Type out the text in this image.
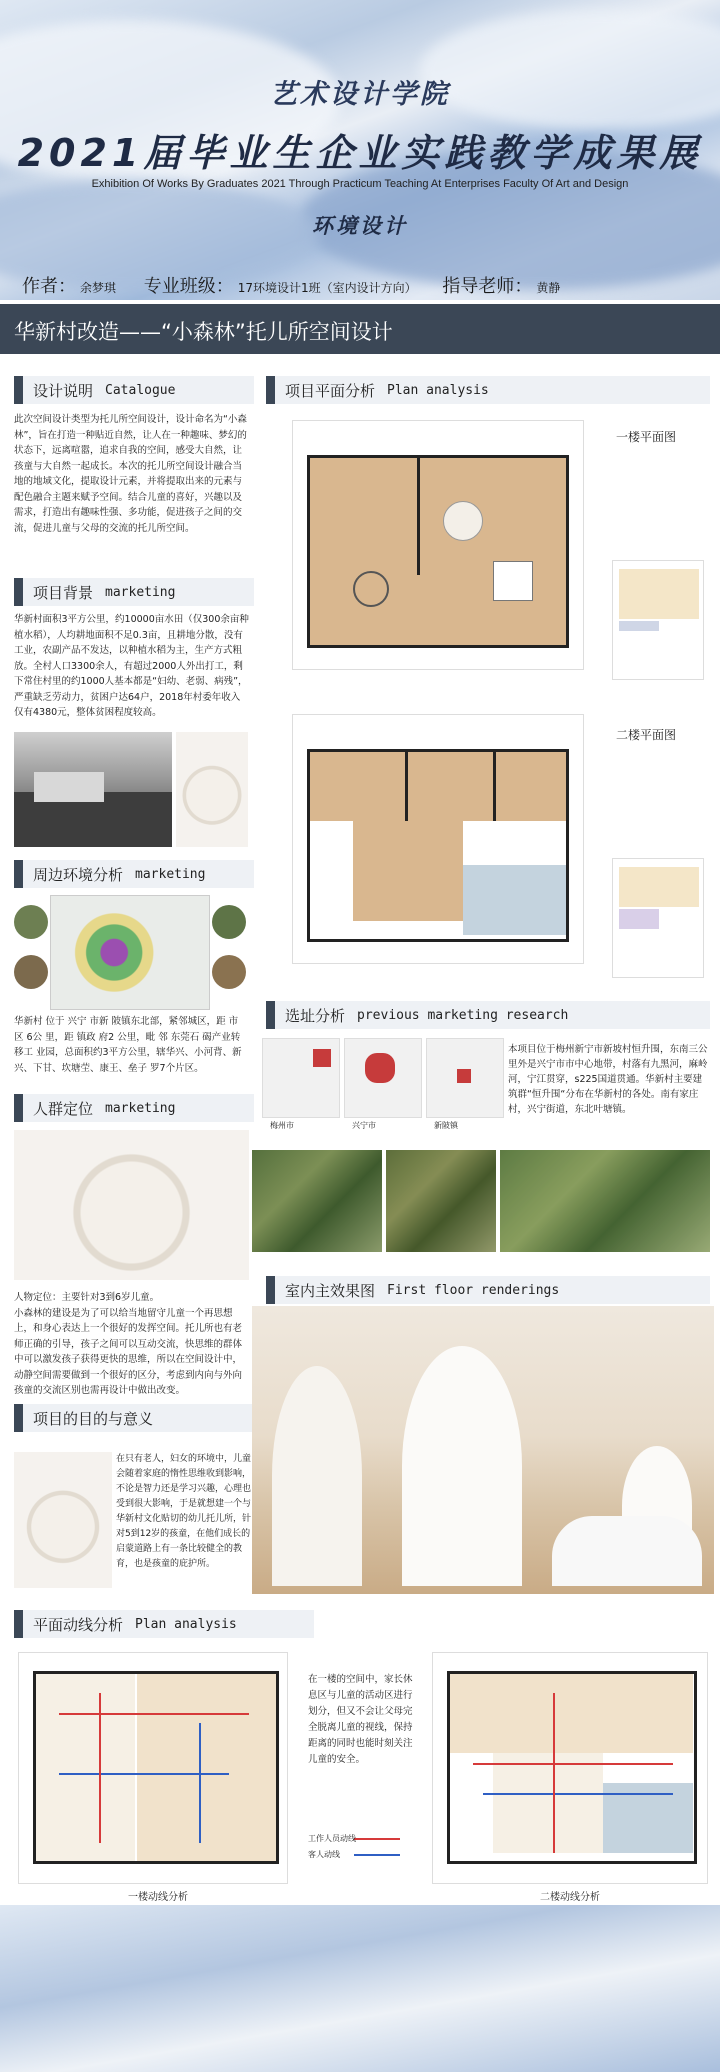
艺术设计学院
2021届毕业生企业实践教学成果展
Exhibition Of Works By Graduates 2021 Through Practicum Teaching At Enterprises Faculty Of Art and Design
环境设计
作者： 余梦琪 专业班级： 17环境设计1班（室内设计方向） 指导老师： 黄静
华新村改造——“小森林”托儿所空间设计
设计说明 Catalogue
此次空间设计类型为托儿所空间设计，设计命名为“小森林”，旨在打造一种贴近自然，让人在一种趣味、梦幻的状态下，远离喧嚣，追求自我的空间，感受大自然，让孩童与大自然一起成长。本次的托儿所空间设计融合当地的地域文化，提取设计元素，并将提取出来的元素与配色融合主题来赋予空间。结合儿童的喜好，兴趣以及需求，打造出有趣味性强、多功能，促进孩子之间的交流，促进儿童与父母的交流的托儿所空间。
项目背景 marketing
华新村面积3平方公里，约10000亩水田（仅300余亩种植水稻），人均耕地面积不足0.3亩，且耕地分散，没有工业，农副产品不发达，以种植水稻为主，生产方式粗放。全村人口3300余人，有超过2000人外出打工，剩下常住村里的约1000人基本都是“妇幼、老弱、病残”，严重缺乏劳动力，贫困户达64户，2018年村委年收入仅有4380元，整体贫困程度较高。
周边环境分析 marketing
华新村 位于 兴宁 市新 陂镇东北部，紧邻城区，距 市 区 6公 里，距 镇政 府2 公里，毗 邻 东莞石 碣产业转移工 业园，总面积约3平方公里，辖华兴、小河背、新兴、下甘、坎塘茔、康王、垒子 罗7个片区。
人群定位 marketing
人物定位：主要针对3到6岁儿童。
小森林的建设是为了可以给当地留守儿童一个再思想上，和身心表达上一个很好的发挥空间。托儿所也有老师正确的引导，孩子之间可以互动交流，快思维的群体中可以激发孩子获得更快的思维，所以在空间设计中，动静空间需要做到一个很好的区分，考虑到内向与外向孩童的交流区别也需再设计中做出改变。
项目的目的与意义
在只有老人，妇女的环境中，儿童会随着家庭的惰性思维收到影响，不论是智力还是学习兴趣，心理也受到很大影响，于是就想建一个与华新村文化贴切的幼儿托儿所，针对5到12岁的孩童，在他们成长的启蒙道路上有一条比较健全的教育，也是孩童的庇护所。
项目平面分析 Plan analysis
一楼平面图
二楼平面图
选址分析 previous marketing research
梅州市	兴宁市	新陂镇
本项目位于梅州新宁市新坡村恒升围，东南三公里外是兴宁市市中心地带，村落有九黑河，麻岭河，宁江贯穿，s225国道贯通。华新村主要建筑群“恒升围“分布在华新村的各处。南有家庄村，兴宁街道，东北叶塘镇。
室内主效果图 First floor renderings
平面动线分析 Plan analysis
在一楼的空间中，家长休息区与儿童的活动区进行划分，但又不会让父母完全脱离儿童的视线，保持距离的同时也能时刻关注儿童的安全。
工作人员动线
客人动线
一楼动线分析	二楼动线分析
